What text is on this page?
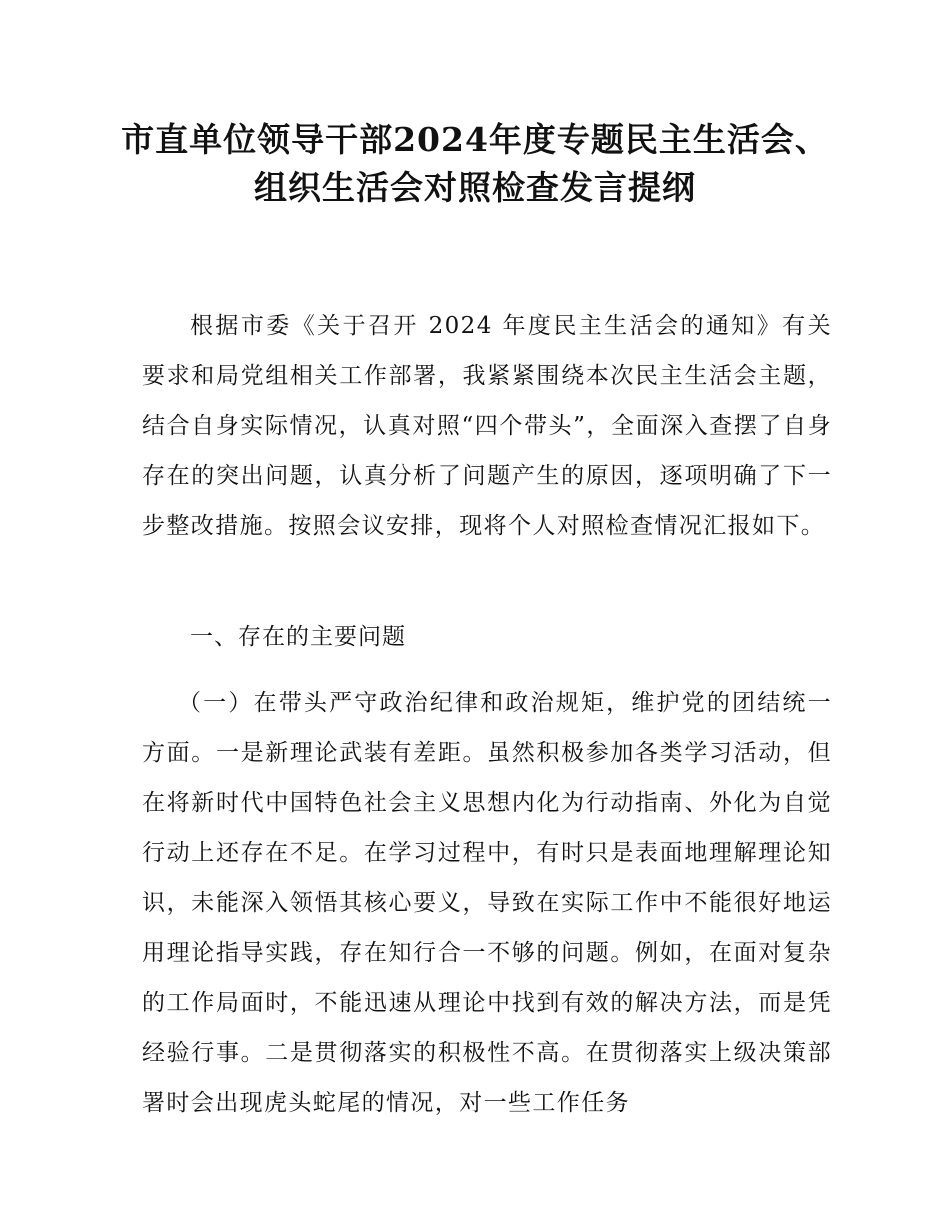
市直单位领导干部2024年度专题民主生活会、
组织生活会对照检查发言提纲
根据市委《关于召开 2024 年度民主生活会的通知》有关要求和局党组相关工作部署，我紧紧围绕本次民主生活会主题，结合自身实际情况，认真对照“四个带头”，全面深入查摆了自身存在的突出问题，认真分析了问题产生的原因，逐项明确了下一步整改措施。按照会议安排，现将个人对照检查情况汇报如下。
一、存在的主要问题
（一）在带头严守政治纪律和政治规矩，维护党的团结统一方面。一是新理论武装有差距。虽然积极参加各类学习活动，但在将新时代中国特色社会主义思想内化为行动指南、外化为自觉行动上还存在不足。在学习过程中，有时只是表面地理解理论知识，未能深入领悟其核心要义，导致在实际工作中不能很好地运用理论指导实践，存在知行合一不够的问题。例如，在面对复杂的工作局面时，不能迅速从理论中找到有效的解决方法，而是凭经验行事。二是贯彻落实的积极性不高。在贯彻落实上级决策部署时会出现虎头蛇尾的情况，对一些工作任务
